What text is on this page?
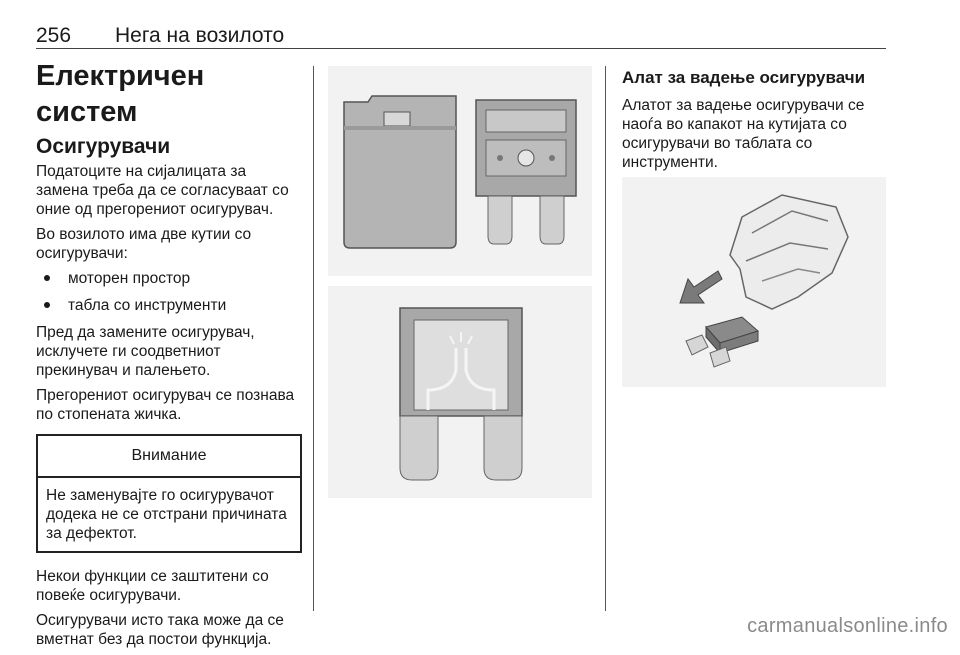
256 Нега на возилото
Електричен систем
Осигурувачи

Податоците на сијалицата за замена треба да се согласуваат со оние од прегорениот осигурувач.

Во возилото има две кутии со осигурувачи:

моторен простор
табла со инструменти

Пред да замените осигурувач, исклучете ги соодветниот прекинувач и палењето.

Прегорениот осигурувач се познава по стопената жичка.

Внимание
Не заменувајте го осигурувачот додека не се отстрани причината за дефектот.

Некои функции се заштитени со повеќе осигурувачи.

Осигурувачи исто така може да се вметнат без да постои функција.

Алат за вадење осигурувачи

Алатот за вадење осигурувачи се наоѓа во капакот на кутијата со осигурувачи во таблата со инструменти.

carmanualsonline.info
